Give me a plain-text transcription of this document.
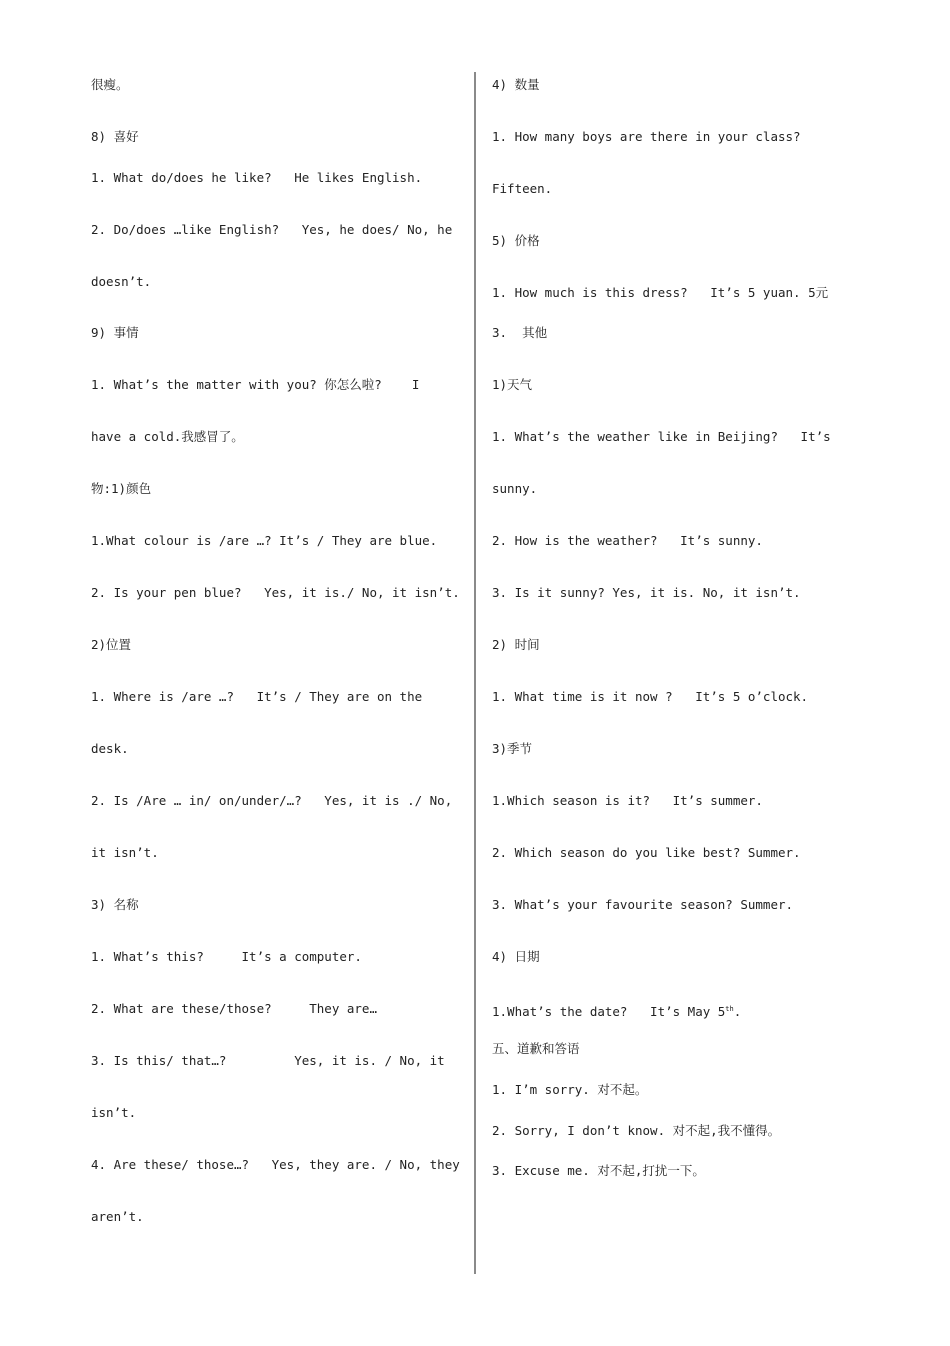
很瘦。
8) 喜好
1. What do/does he like?   He likes English.
2. Do/does …like English?   Yes, he does/ No, he
doesn’t.
9) 事情
1. What’s the matter with you? 你怎么啦?    I
have a cold.我感冒了。
物:1)颜色
1.What colour is /are …? It’s / They are blue.
2. Is your pen blue?   Yes, it is./ No, it isn’t.
2)位置
1. Where is /are …?   It’s / They are on the
desk.
2. Is /Are … in/ on/under/…?   Yes, it is ./ No,
it isn’t.
3) 名称
1. What’s this?     It’s a computer.
2. What are these/those?     They are…
3. Is this/ that…?         Yes, it is. / No, it
isn’t.
4. Are these/ those…?   Yes, they are. / No, they
aren’t.
4) 数量
1. How many boys are there in your class?
Fifteen.
5) 价格
1. How much is this dress?   It’s 5 yuan. 5元
3.  其他
1)天气
1. What’s the weather like in Beijing?   It’s
sunny.
2. How is the weather?   It’s sunny.
3. Is it sunny? Yes, it is. No, it isn’t.
2) 时间
1. What time is it now ?   It’s 5 o’clock.
3)季节
1.Which season is it?   It’s summer.
2. Which season do you like best? Summer.
3. What’s your favourite season? Summer.
4) 日期
1.What’s the date?   It’s May 5th.
五、道歉和答语
1. I’m sorry. 对不起。
2. Sorry, I don’t know. 对不起,我不懂得。
3. Excuse me. 对不起,打扰一下。
